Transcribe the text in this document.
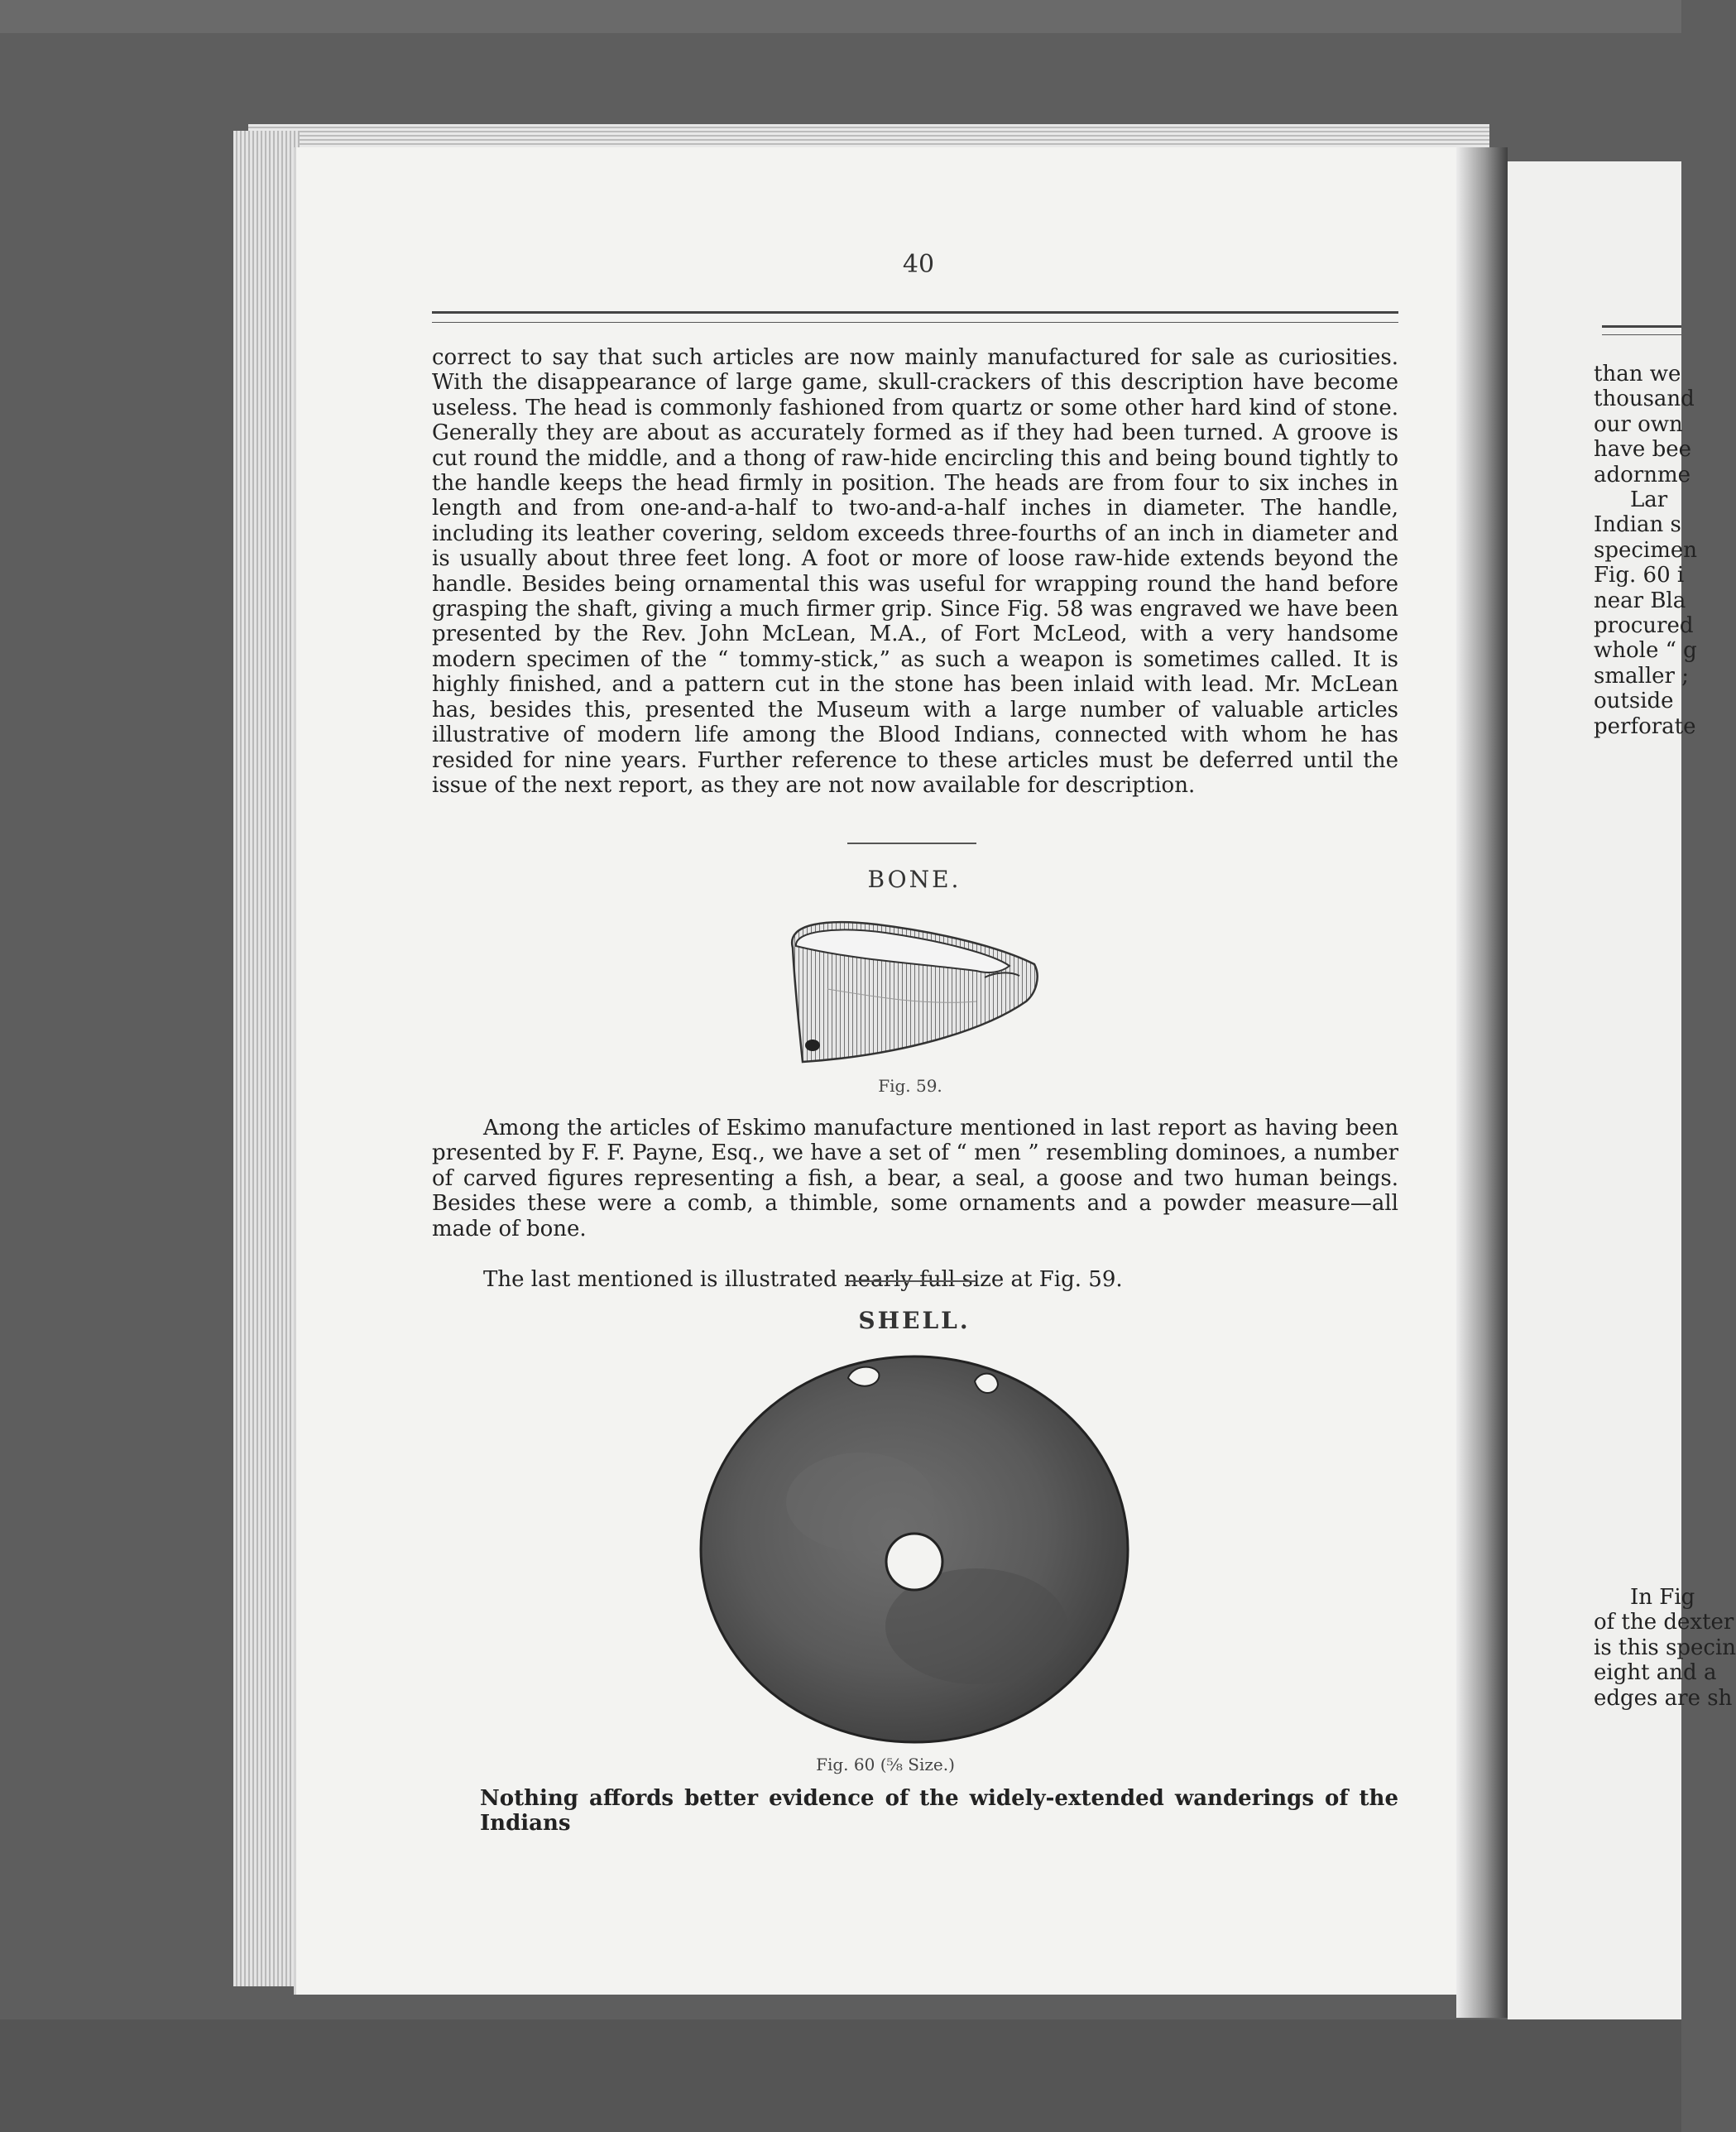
40

correct to say that such articles are now mainly manufactured for sale as curiosities. With the disappearance of large game, skull-crackers of this description have become useless. The head is commonly fashioned from quartz or some other hard kind of stone. Generally they are about as accurately formed as if they had been turned. A groove is cut round the middle, and a thong of raw-hide encircling this and being bound tightly to the handle keeps the head firmly in position. The heads are from four to six inches in length and from one-and-a-half to two-and-a-half inches in diameter. The handle, including its leather covering, seldom exceeds three-fourths of an inch in diameter and is usually about three feet long. A foot or more of loose raw-hide extends beyond the handle. Besides being ornamental this was useful for wrapping round the hand before grasping the shaft, giving a much firmer grip. Since Fig. 58 was engraved we have been presented by the Rev. John McLean, M.A., of Fort McLeod, with a very handsome modern specimen of the “ tommy-stick,” as such a weapon is sometimes called. It is highly finished, and a pattern cut in the stone has been inlaid with lead. Mr. McLean has, besides this, presented the Museum with a large number of valuable articles illustrative of modern life among the Blood Indians, connected with whom he has resided for nine years. Further reference to these articles must be deferred until the issue of the next report, as they are not now available for description.

BONE.
Fig. 59.

Among the articles of Eskimo manufacture mentioned in last report as having been presented by F. F. Payne, Esq., we have a set of “ men ” resembling dominoes, a number of carved figures representing a fish, a bear, a seal, a goose and two human beings. Besides these were a comb, a thimble, some ornaments and a powder measure—all made of bone.

The last mentioned is illustrated nearly full size at Fig. 59.

SHELL.
Fig. 60 (⅝ Size.)

Nothing affords better evidence of the widely-extended wanderings of the Indians

than we
thousand
our own
have bee
adornme
Lar
Indian s
specimen
Fig. 60 i
near Bla
procured
whole “ g
smaller ;
outside
perforate
In Fig
of the dexter
is this specin
eight and a
edges are sh
